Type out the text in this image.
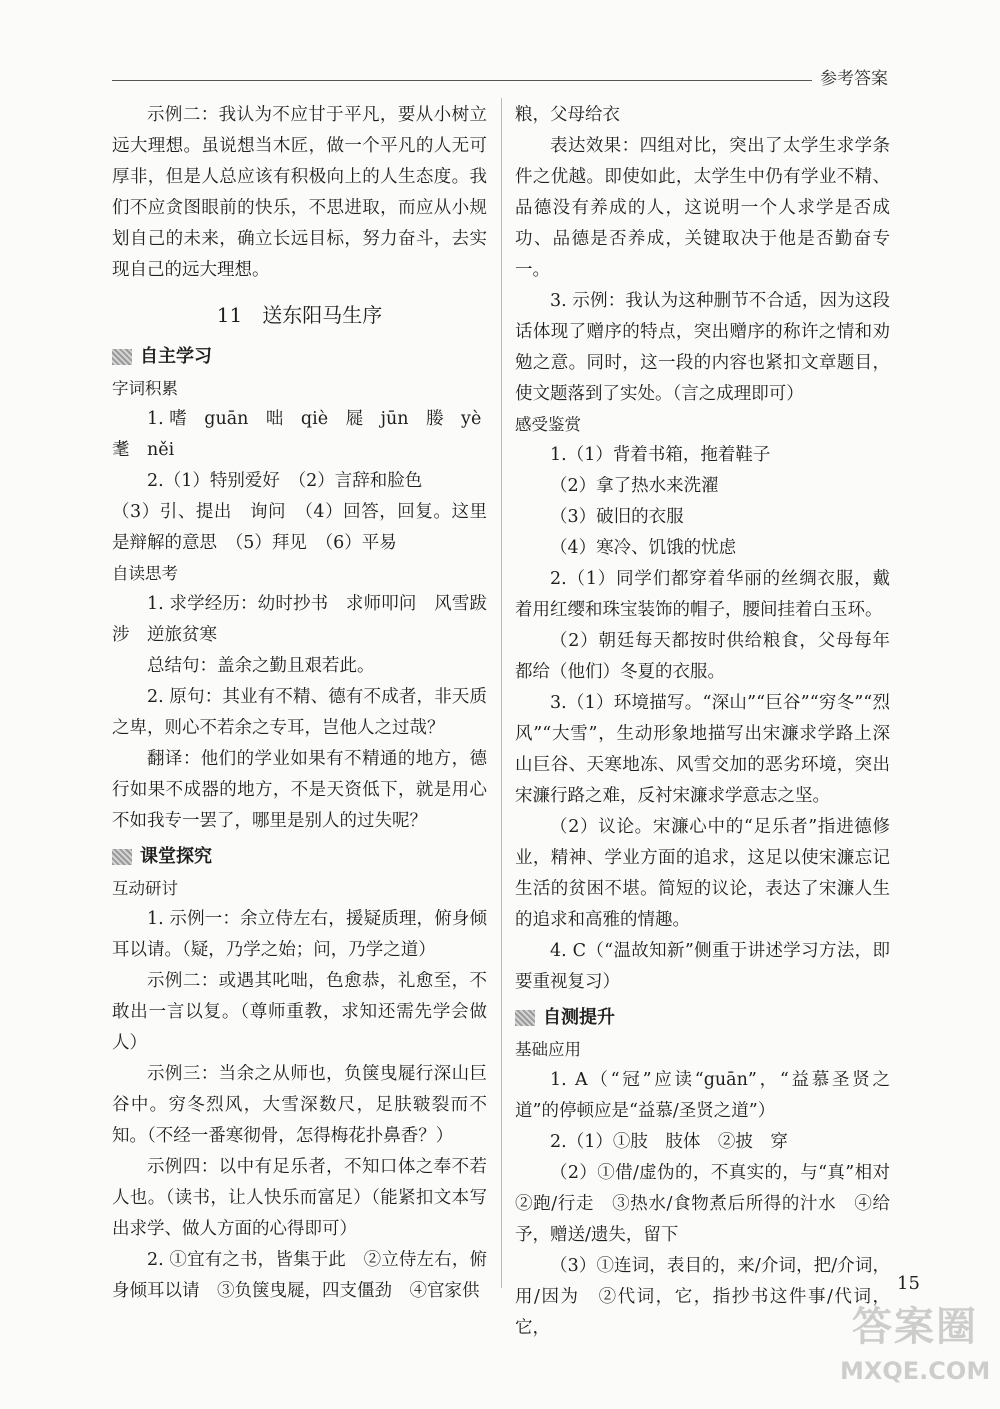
参考答案

示例二：我认为不应甘于平凡，要从小树立远大理想。虽说想当木匠，做一个平凡的人无可厚非，但是人总应该有积极向上的人生态度。我们不应贪图眼前的快乐，不思进取，而应从小规划自己的未来，确立长远目标，努力奋斗，去实现自己的远大理想。

11　送东阳马生序
自主学习

字词积累

1. 嗜　guān　咄　qiè　屣　jūn　媵　yè

耄　něi

2.（1）特别爱好　（2）言辞和脸色

（3）引、提出　询问　（4）回答，回复。这里是辩解的意思　（5）拜见　（6）平易

自读思考

1. 求学经历：幼时抄书　求师叩问　风雪跋涉　逆旅贫寒

总结句：盖余之勤且艰若此。

2. 原句：其业有不精、德有不成者，非天质之卑，则心不若余之专耳，岂他人之过哉？

翻译：他们的学业如果有不精通的地方，德行如果不成器的地方，不是天资低下，就是用心不如我专一罢了，哪里是别人的过失呢？

课堂探究

互动研讨

1. 示例一：余立侍左右，援疑质理，俯身倾耳以请。（疑，乃学之始；问，乃学之道）

示例二：或遇其叱咄，色愈恭，礼愈至，不敢出一言以复。（尊师重教，求知还需先学会做人）

示例三：当余之从师也，负箧曳屣行深山巨谷中。穷冬烈风，大雪深数尺，足肤皲裂而不知。（不经一番寒彻骨，怎得梅花扑鼻香？）

示例四：以中有足乐者，不知口体之奉不若人也。（读书，让人快乐而富足）（能紧扣文本写出求学、做人方面的心得即可）

2. ①宜有之书，皆集于此　②立侍左右，俯身倾耳以请　③负箧曳屣，四支僵劲　④官家供

粮，父母给衣

表达效果：四组对比，突出了太学生求学条件之优越。即使如此，太学生中仍有学业不精、品德没有养成的人，这说明一个人求学是否成功、品德是否养成，关键取决于他是否勤奋专一。

3. 示例：我认为这种删节不合适，因为这段话体现了赠序的特点，突出赠序的称许之情和劝勉之意。同时，这一段的内容也紧扣文章题目，使文题落到了实处。（言之成理即可）

感受鉴赏

1.（1）背着书箱，拖着鞋子

（2）拿了热水来洗濯

（3）破旧的衣服

（4）寒冷、饥饿的忧虑

2.（1）同学们都穿着华丽的丝绸衣服，戴着用红缨和珠宝装饰的帽子，腰间挂着白玉环。

（2）朝廷每天都按时供给粮食，父母每年都给（他们）冬夏的衣服。

3.（1）环境描写。“深山”“巨谷”“穷冬”“烈风”“大雪”，生动形象地描写出宋濂求学路上深山巨谷、天寒地冻、风雪交加的恶劣环境，突出宋濂行路之难，反衬宋濂求学意志之坚。

（2）议论。宋濂心中的“足乐者”指进德修业，精神、学业方面的追求，这足以使宋濂忘记生活的贫困不堪。简短的议论，表达了宋濂人生的追求和高雅的情趣。

4. C（“温故知新”侧重于讲述学习方法，即要重视复习）

自测提升

基础应用

1. A（“冠”应读“guān”，“益慕圣贤之道”的停顿应是“益慕/圣贤之道”）

2.（1）①肢　肢体　②披　穿

（2）①借/虚伪的，不真实的，与“真”相对　②跑/行走　③热水/食物煮后所得的汁水　④给予，赠送/遗失，留下

（3）①连词，表目的，来/介词，把/介词，用/因为　②代词，它，指抄书这件事/代词，它，

15
答案圈
MXQE.COM
